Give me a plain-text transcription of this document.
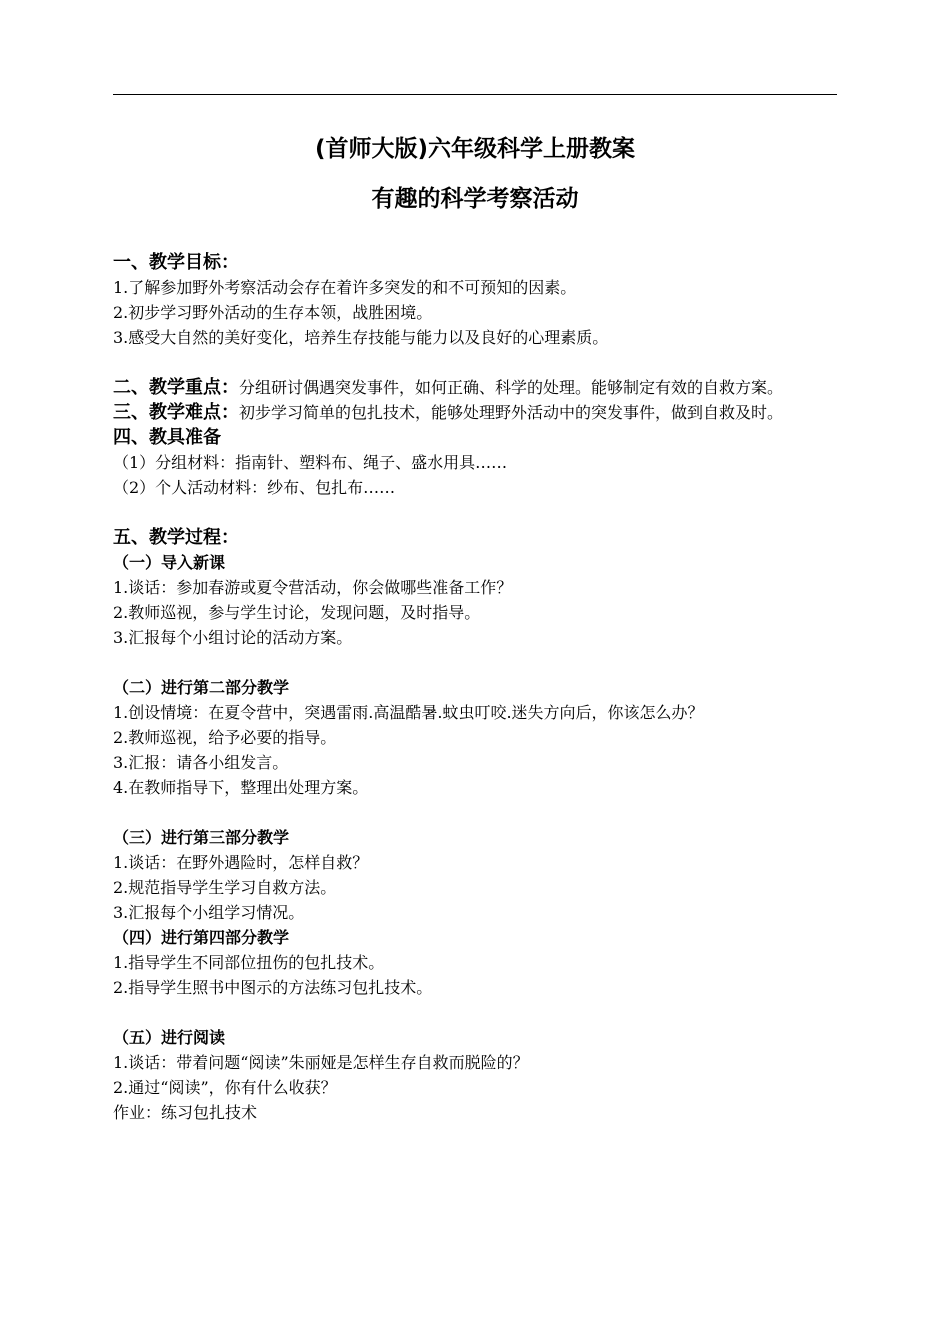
(首师大版)六年级科学上册教案
有趣的科学考察活动
一、教学目标：
1.了解参加野外考察活动会存在着许多突发的和不可预知的因素。
2.初步学习野外活动的生存本领，战胜困境。
3.感受大自然的美好变化，培养生存技能与能力以及良好的心理素质。
二、教学重点：分组研讨偶遇突发事件，如何正确、科学的处理。能够制定有效的自救方案。
三、教学难点：初步学习简单的包扎技术，能够处理野外活动中的突发事件，做到自救及时。
四、教具准备
（1）分组材料：指南针、塑料布、绳子、盛水用具……
（2）个人活动材料：纱布、包扎布……
五、教学过程：
（一）导入新课
1.谈话：参加春游或夏令营活动，你会做哪些准备工作？
2.教师巡视，参与学生讨论，发现问题，及时指导。
3.汇报每个小组讨论的活动方案。
（二）进行第二部分教学
1.创设情境：在夏令营中，突遇雷雨.高温酷暑.蚊虫叮咬.迷失方向后，你该怎么办？
2.教师巡视，给予必要的指导。
3.汇报：请各小组发言。
4.在教师指导下，整理出处理方案。
（三）进行第三部分教学
1.谈话：在野外遇险时，怎样自救？
2.规范指导学生学习自救方法。
3.汇报每个小组学习情况。
（四）进行第四部分教学
1.指导学生不同部位扭伤的包扎技术。
2.指导学生照书中图示的方法练习包扎技术。
（五）进行阅读
1.谈话：带着问题“阅读”朱丽娅是怎样生存自救而脱险的？
2.通过“阅读”，你有什么收获？
作业：练习包扎技术
